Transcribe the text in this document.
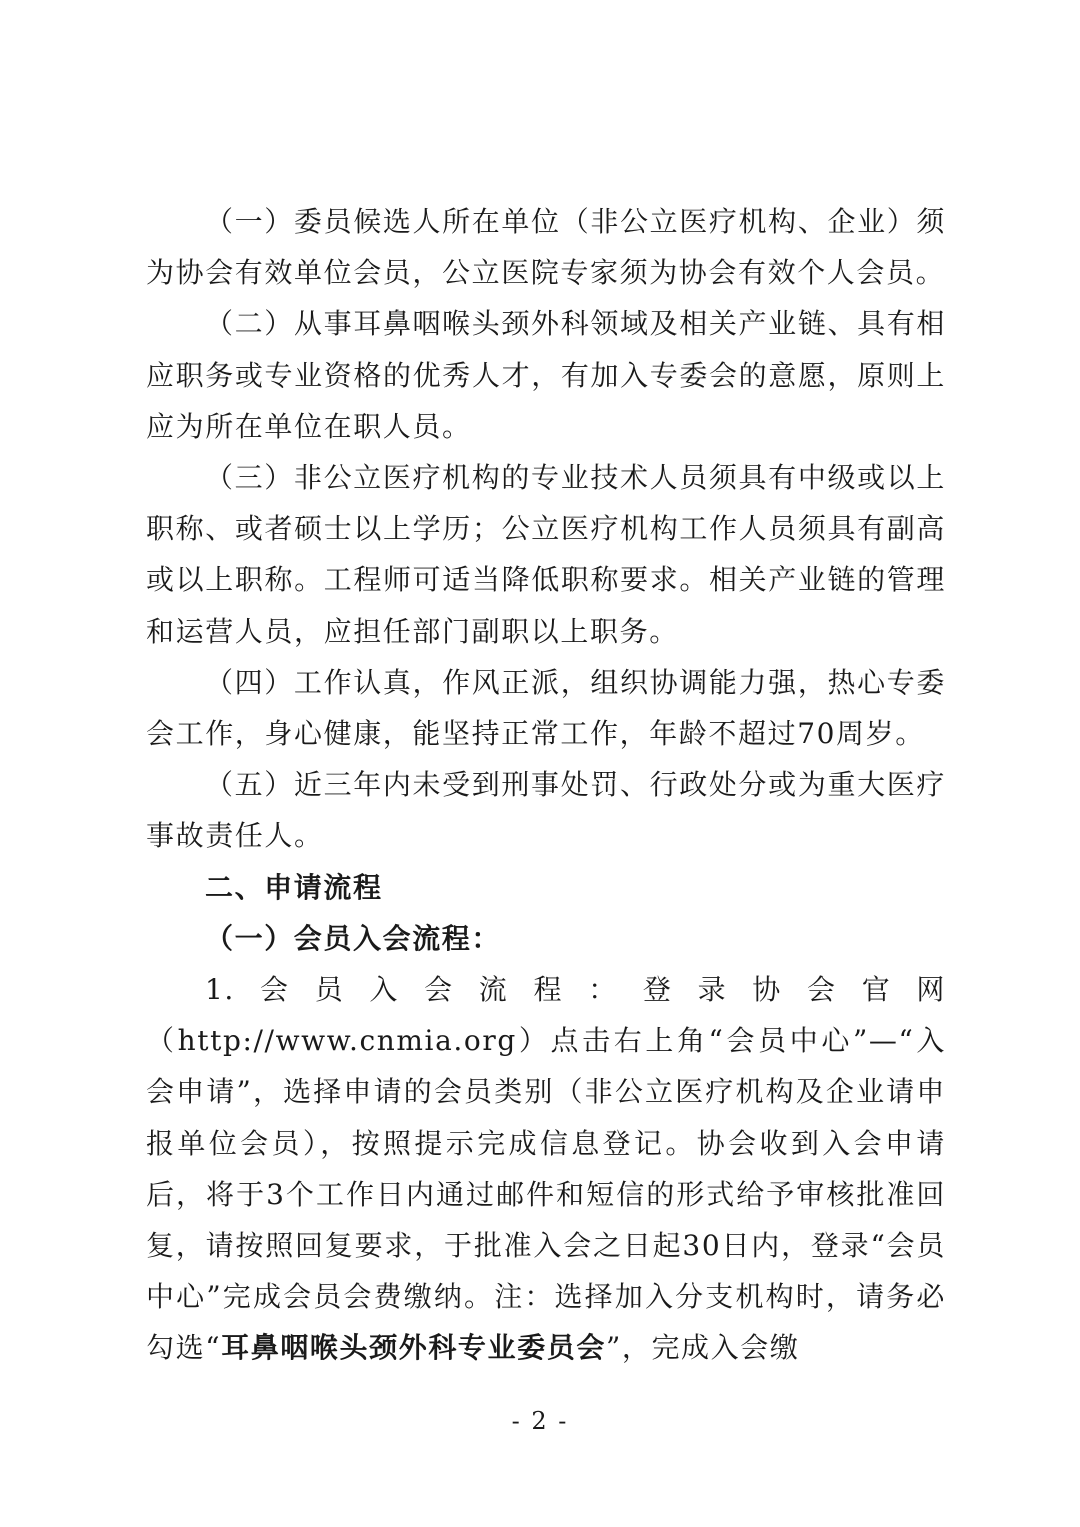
（一）委员候选人所在单位（非公立医疗机构、企业）须为协会有效单位会员，公立医院专家须为协会有效个人会员。

（二）从事耳鼻咽喉头颈外科领域及相关产业链、具有相应职务或专业资格的优秀人才，有加入专委会的意愿，原则上应为所在单位在职人员。

（三）非公立医疗机构的专业技术人员须具有中级或以上职称、或者硕士以上学历；公立医疗机构工作人员须具有副高或以上职称。工程师可适当降低职称要求。相关产业链的管理和运营人员，应担任部门副职以上职务。

（四）工作认真，作风正派，组织协调能力强，热心专委会工作，身心健康，能坚持正常工作，年龄不超过70周岁。

（五）近三年内未受到刑事处罚、行政处分或为重大医疗事故责任人。

二、申请流程

（一）会员入会流程：

1.会员入会流程：登录协会官网（http://www.cnmia.org）点击右上角“会员中心”—“入会申请”，选择申请的会员类别（非公立医疗机构及企业请申报单位会员），按照提示完成信息登记。协会收到入会申请后，将于3个工作日内通过邮件和短信的形式给予审核批准回复，请按照回复要求，于批准入会之日起30日内，登录“会员中心”完成会员会费缴纳。注：选择加入分支机构时，请务必勾选“耳鼻咽喉头颈外科专业委员会”，完成入会缴

- 2 -
